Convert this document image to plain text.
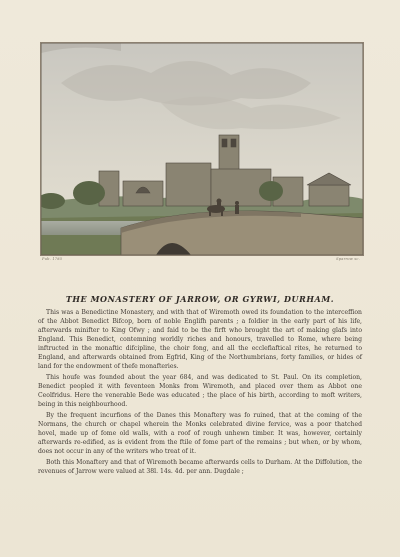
Pub. 1785	Sparrow sc.
THE MONASTERY OF JARROW, OR GYRWI, DURHAM.

This was a Benedictine Monastery, and with that of Wiremoth owed its foundation to the interceffion of the Abbot Benedict Bifcop, born of noble Englifh parents ; a foldier in the early part of his life, afterwards minifter to King Ofwy ; and faid to be the firft who brought the art of making glafs into England. This Benedict, contemning worldly riches and honours, travelled to Rome, where being inftructed in the monaftic difcipline, the choir fong, and all the ecclefiaftical rites, he returned to England, and afterwards obtained from Egfrid, King of the Northumbrians, forty families, or hides of land for the endowment of thefe monafteries.

This houfe was founded about the year 684, and was dedicated to St. Paul. On its completion, Benedict peopled it with feventeen Monks from Wiremoth, and placed over them as Abbot one Ceolfridus. Here the venerable Bede was educated ; the place of his birth, according to moft writers, being in this neighbourhood.

By the frequent incurfions of the Danes this Monaftery was fo ruined, that at the coming of the Normans, the church or chapel wherein the Monks celebrated divine fervice, was a poor thatched hovel, made up of fome old walls, with a roof of rough unhewn timber. It was, however, certainly afterwards re-edified, as is evident from the ftile of fome part of the remains ; but when, or by whom, does not occur in any of the writers who treat of it.

Both this Monaftery and that of Wiremoth became afterwards cells to Durham. At the Diffolution, the revenues of Jarrow were valued at 38l. 14s. 4d. per ann. Dugdale ;
